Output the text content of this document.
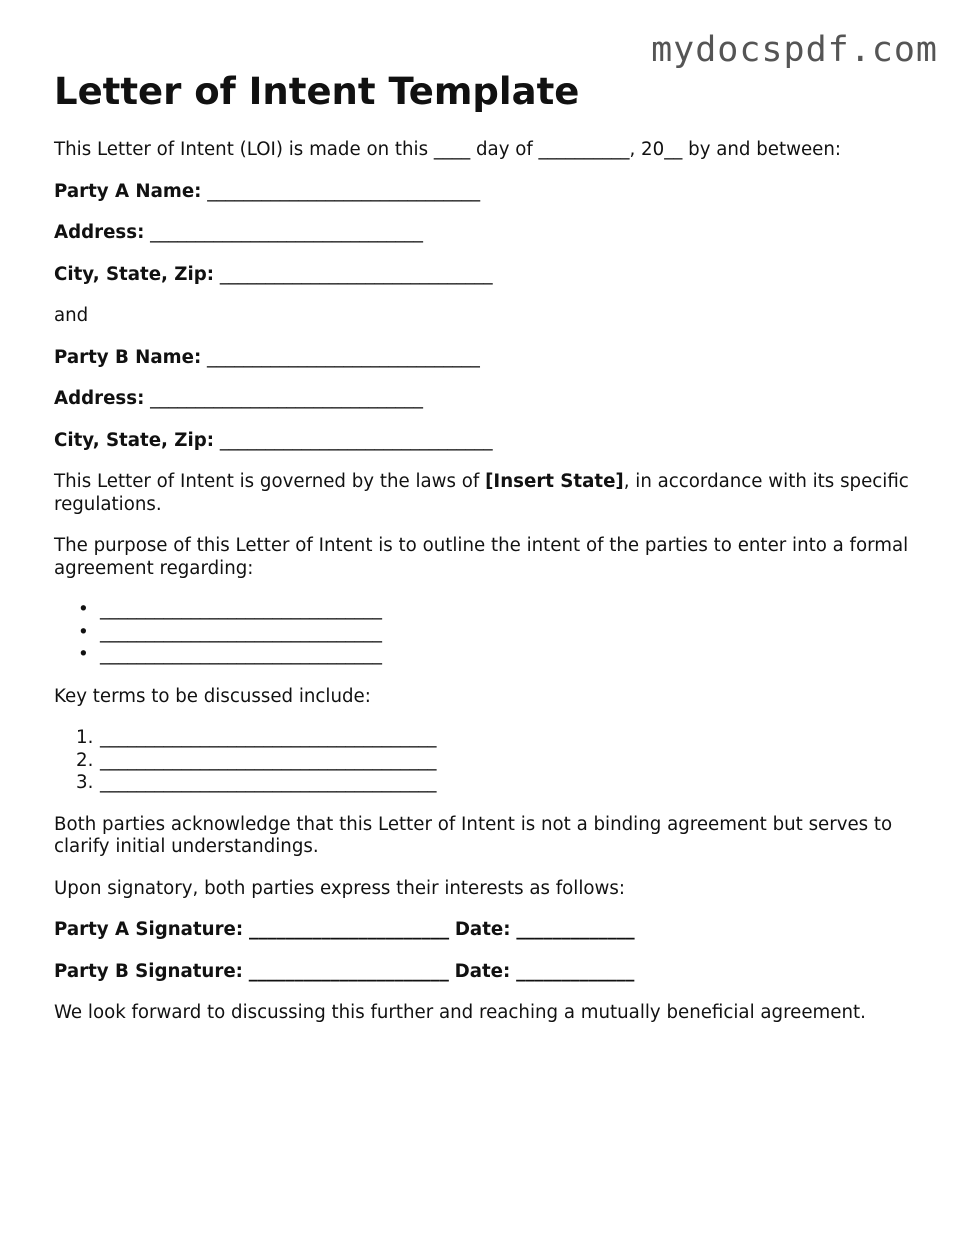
mydocspdf.com
Letter of Intent Template

This Letter of Intent (LOI) is made on this ____ day of __________, 20__ by and between:

Party A Name: ______________________________

Address: ______________________________

City, State, Zip: ______________________________

and

Party B Name: ______________________________

Address: ______________________________

City, State, Zip: ______________________________

This Letter of Intent is governed by the laws of [Insert State], in accordance with its specific regulations.

The purpose of this Letter of Intent is to outline the intent of the parties to enter into a formal agreement regarding:

• _______________________________
• _______________________________
• _______________________________

Key terms to be discussed include:

1. _____________________________________
2. _____________________________________
3. _____________________________________

Both parties acknowledge that this Letter of Intent is not a binding agreement but serves to clarify initial understandings.

Upon signatory, both parties express their interests as follows:

Party A Signature: ______________________ Date: _____________

Party B Signature: ______________________ Date: _____________

We look forward to discussing this further and reaching a mutually beneficial agreement.
